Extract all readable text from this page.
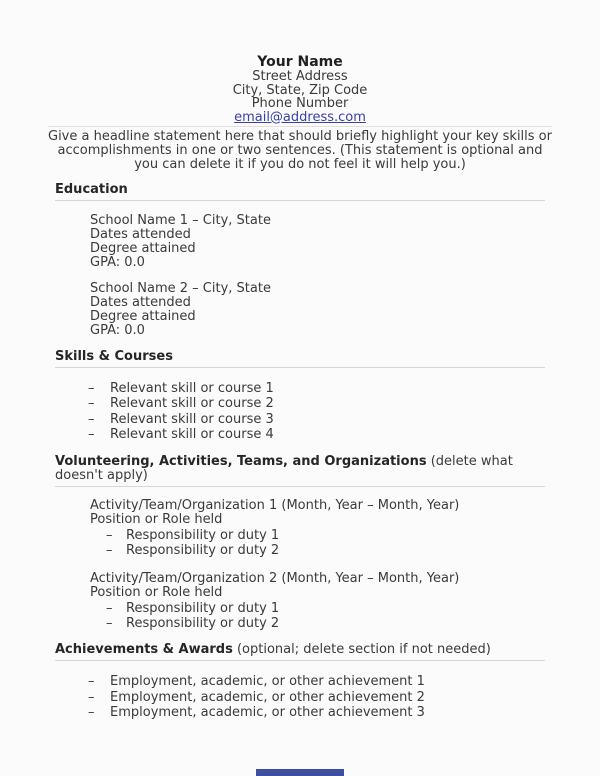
Your Name
Street Address
City, State, Zip Code
Phone Number
email@address.com
Give a headline statement here that should briefly highlight your key skills or accomplishments in one or two sentences. (This statement is optional and you can delete it if you do not feel it will help you.)
Education
School Name 1 – City, State
Dates attended
Degree attained
GPA: 0.0
School Name 2 – City, State
Dates attended
Degree attained
GPA: 0.0
Skills & Courses
–	Relevant skill or course 1
–	Relevant skill or course 2
–	Relevant skill or course 3
–	Relevant skill or course 4
Volunteering, Activities, Teams, and Organizations (delete what doesn't apply)
Activity/Team/Organization 1 (Month, Year – Month, Year)
Position or Role held
–	Responsibility or duty 1
–	Responsibility or duty 2
Activity/Team/Organization 2 (Month, Year – Month, Year)
Position or Role held
–	Responsibility or duty 1
–	Responsibility or duty 2
Achievements & Awards (optional; delete section if not needed)
–	Employment, academic, or other achievement 1
–	Employment, academic, or other achievement 2
–	Employment, academic, or other achievement 3
